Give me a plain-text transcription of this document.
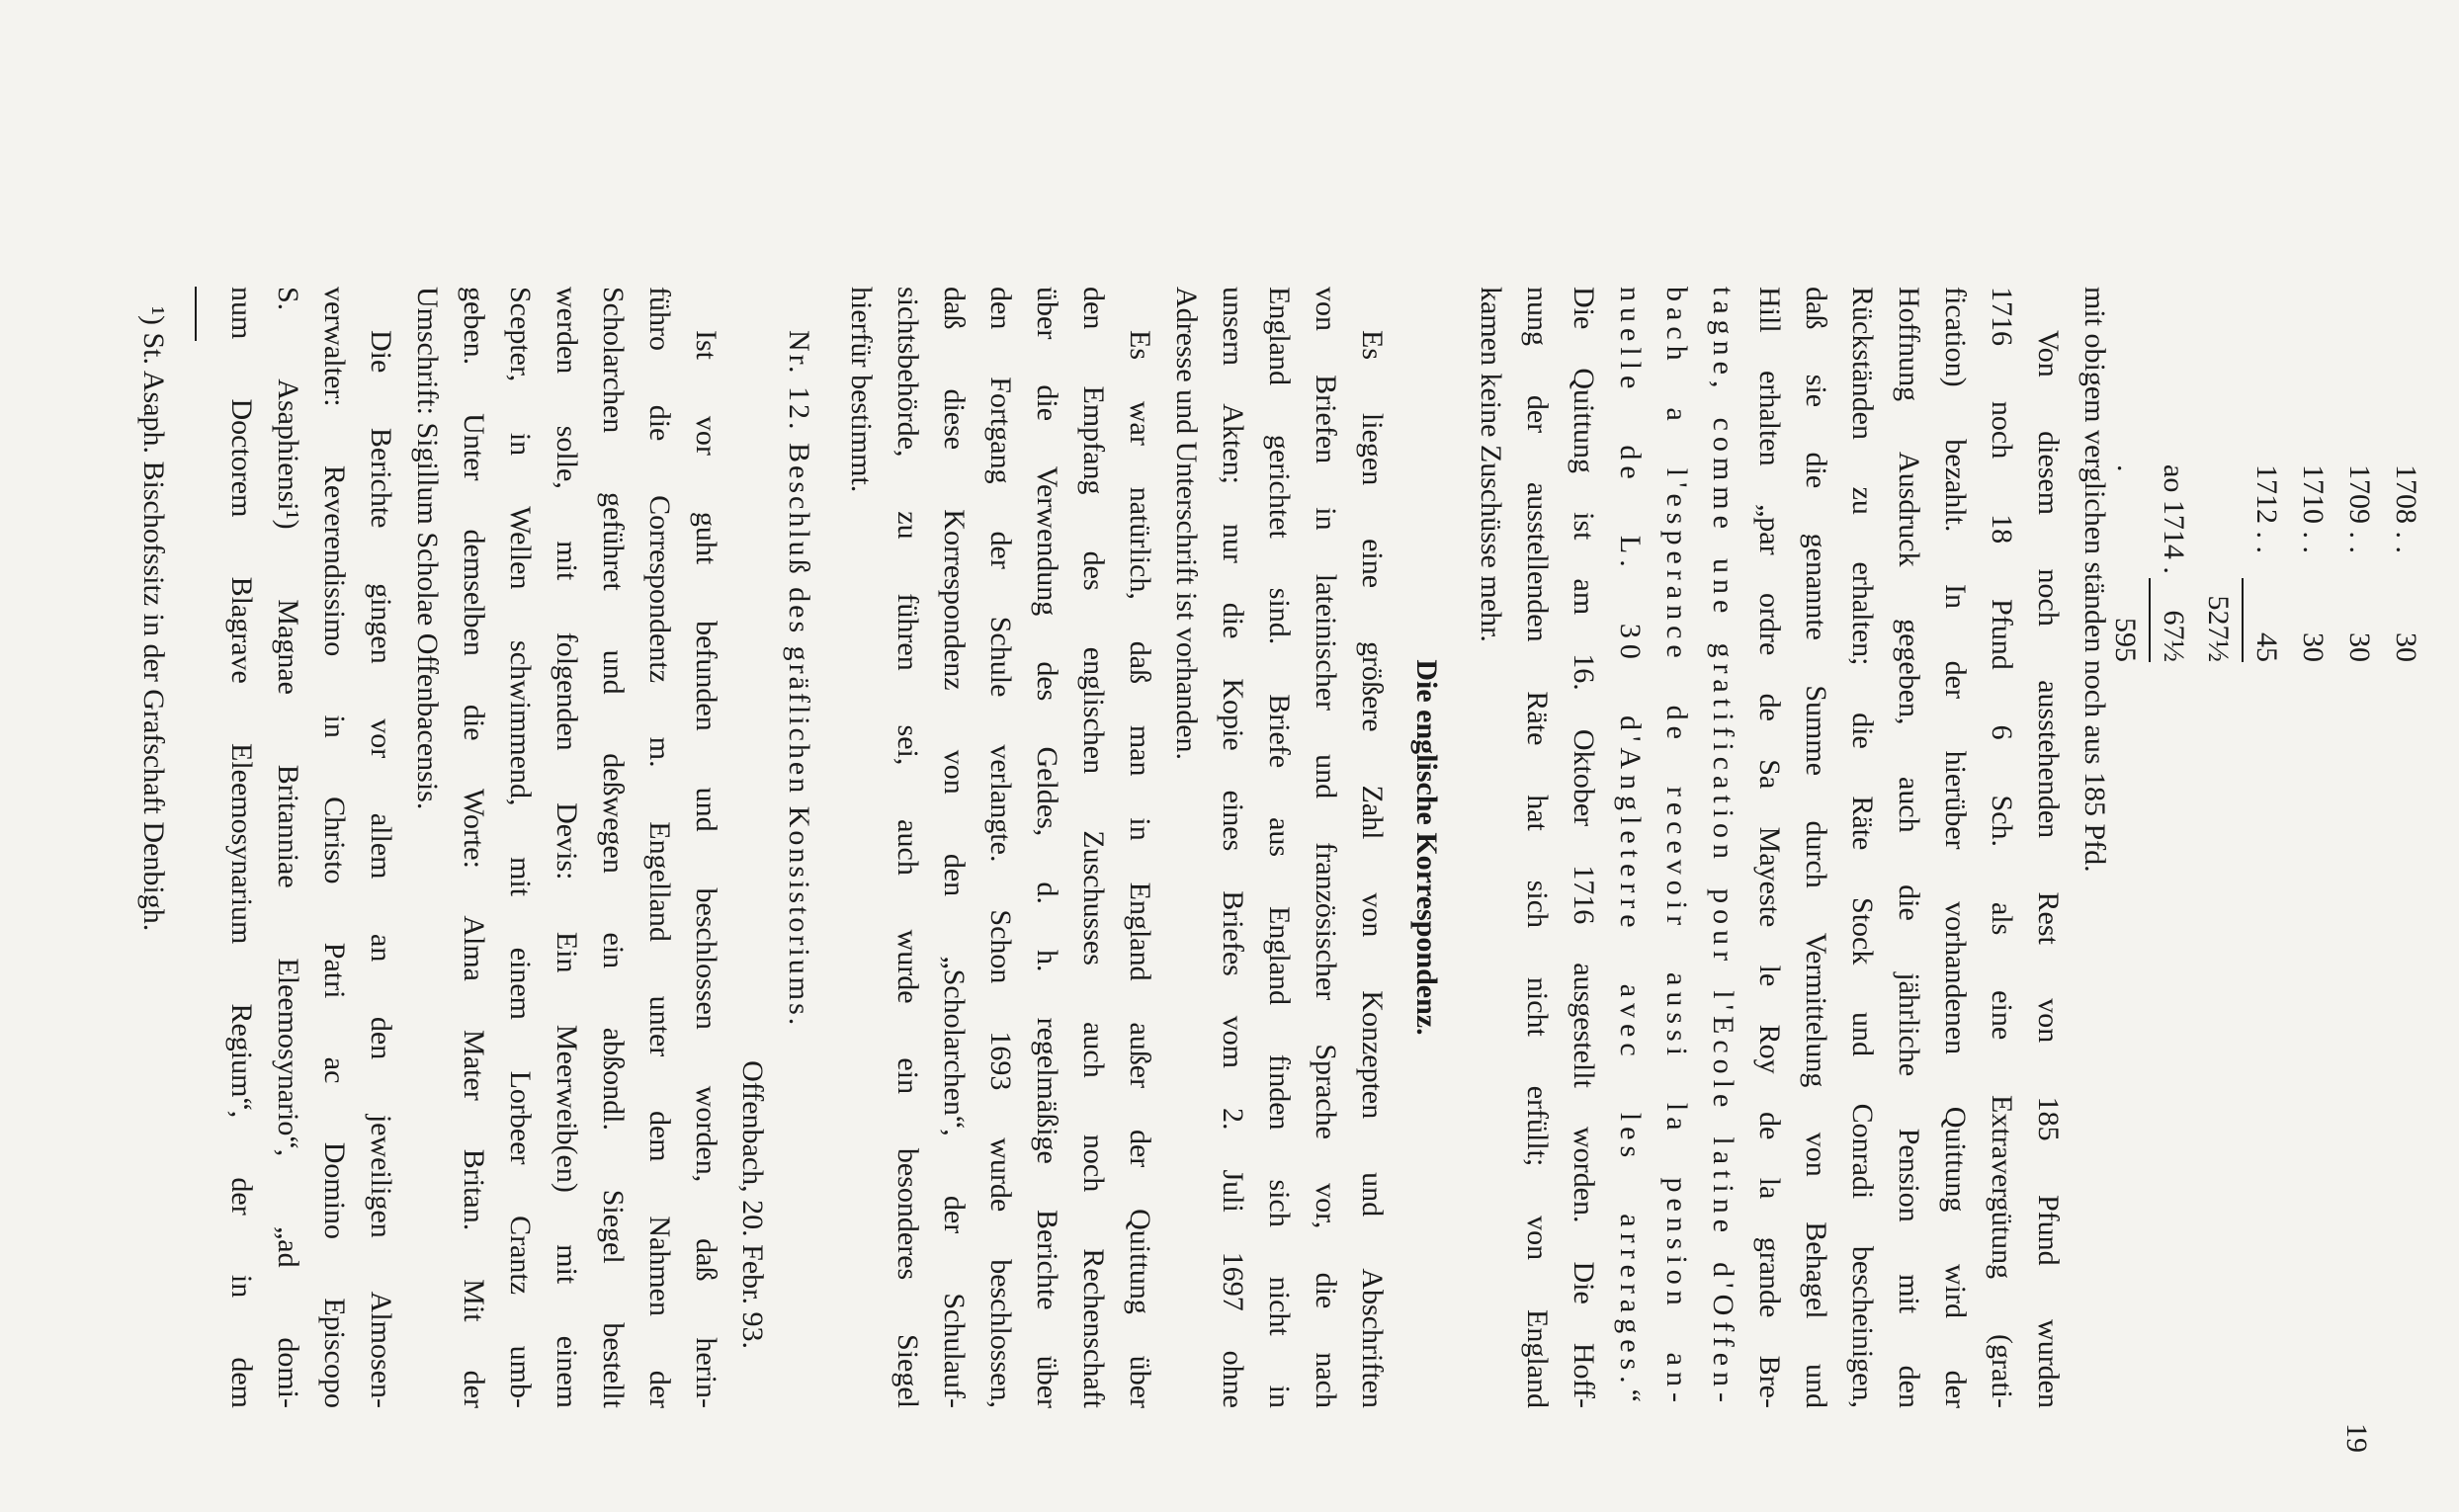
19
1708 . .
30
1709 . .
30
1710 . .
30
1712 . .
45
527½
ao 1714 . .
67½
595
mit obigem verglichen ständen noch aus 185 Pfd.
Von diesem noch ausstehenden Rest von 185 Pfund wurden
1716 noch 18 Pfund 6 Sch. als eine Extravergütung (grati-
fication) bezahlt. In der hierüber vorhandenen Quittung wird der
Hoffnung Ausdruck gegeben, auch die jährliche Pension mit den
Rückständen zu erhalten; die Räte Stock und Conradi bescheinigen,
daß sie die genannte Summe durch Vermittelung von Behagel und
Hill erhalten „par ordre de Sa Mayeste le Roy de la grande Bre-
tagne, comme une gratification pour l'Ecole latine d'Offen-
bach a l'esperance de recevoir aussi la pension an-
nuelle de L. 30 d'Angleterre avec les arrerages.“
Die Quittung ist am 16. Oktober 1716 ausgestellt worden. Die Hoff-
nung der ausstellenden Räte hat sich nicht erfüllt; von England
kamen keine Zuschüsse mehr.
Die englische Korrespondenz.
Es liegen eine größere Zahl von Konzepten und Abschriften
von Briefen in lateinischer und französischer Sprache vor, die nach
England gerichtet sind. Briefe aus England finden sich nicht in
unsern Akten; nur die Kopie eines Briefes vom 2. Juli 1697 ohne
Adresse und Unterschrift ist vorhanden.
Es war natürlich, daß man in England außer der Quittung über
den Empfang des englischen Zuschusses auch noch Rechenschaft
über die Verwendung des Geldes, d. h. regelmäßige Berichte über
den Fortgang der Schule verlangte. Schon 1693 wurde beschlossen,
daß diese Korrespondenz von den „Scholarchen“, der Schulauf-
sichtsbehörde, zu führen sei, auch wurde ein besonderes Siegel
hierfür bestimmt.
Nr. 12. Beschluß des gräflichen Konsistoriums.
Offenbach, 20. Febr. 93.
Ist vor guht befunden und beschlossen worden, daß herin-
führo die Correspondentz m. Engelland unter dem Nahmen der
Scholarchen geführet und deßwegen ein abßondl. Siegel bestellt
werden solle, mit folgenden Devis: Ein Meerweib(en) mit einem
Scepter, in Wellen schwimmend, mit einem Lorbeer Crantz umb-
geben. Unter demselben die Worte: Alma Mater Britan. Mit der
Umschrift: Sigillum Scholae Offenbacensis.
Die Berichte gingen vor allem an den jeweiligen Almosen-
verwalter: Reverendissimo in Christo Patri ac Domino Episcopo
S. Asaphiensi¹) Magnae Britanniae Eleemosynario“, „ad domi-
num Doctorem Blagrave Eleemosynarium Regium“, der in dem
¹) St. Asaph. Bischofssitz in der Grafschaft Denbigh.
